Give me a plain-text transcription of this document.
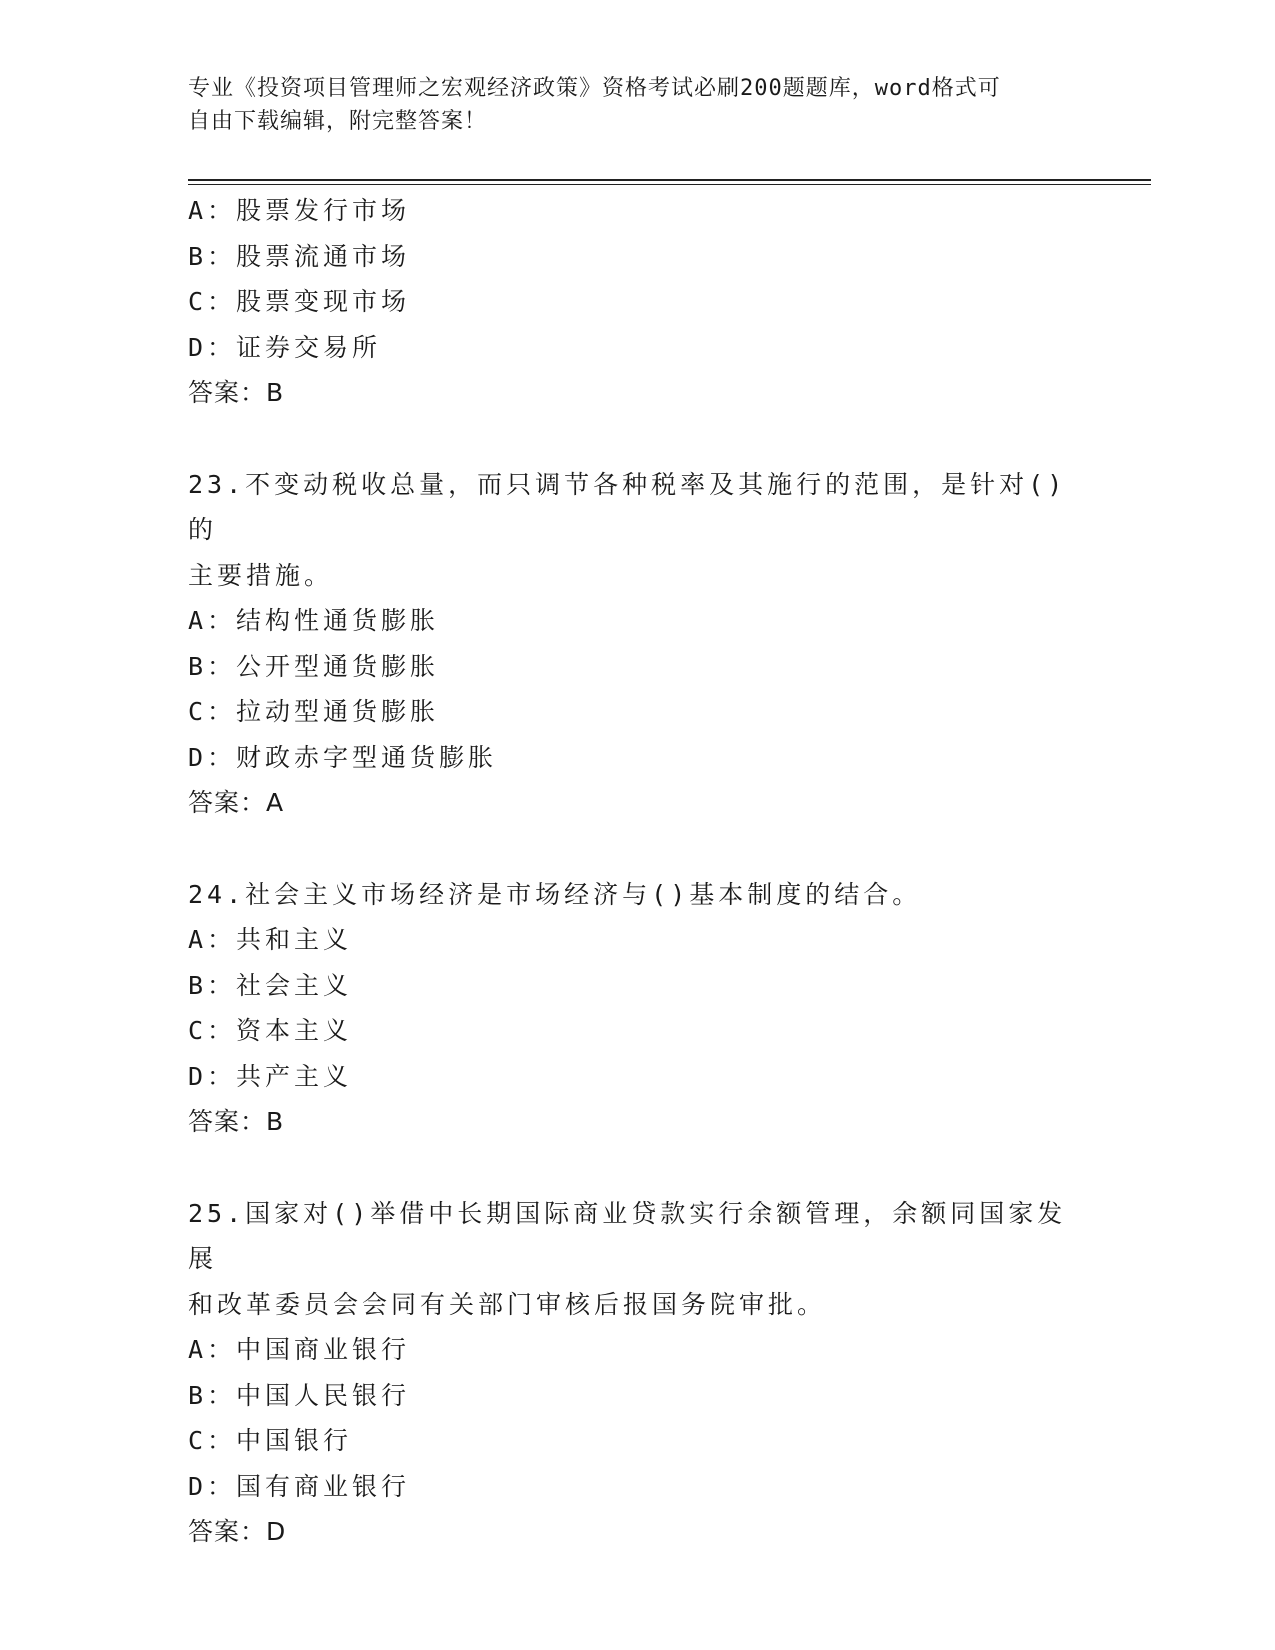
专业《投资项目管理师之宏观经济政策》资格考试必刷200题题库，word格式可
自由下载编辑，附完整答案！
A：股票发行市场
B：股票流通市场
C：股票变现市场
D：证券交易所
答案：B
23.不变动税收总量，而只调节各种税率及其施行的范围，是针对()的
主要措施。
A：结构性通货膨胀
B：公开型通货膨胀
C：拉动型通货膨胀
D：财政赤字型通货膨胀
答案：A
24.社会主义市场经济是市场经济与()基本制度的结合。
A：共和主义
B：社会主义
C：资本主义
D：共产主义
答案：B
25.国家对()举借中长期国际商业贷款实行余额管理，余额同国家发展
和改革委员会会同有关部门审核后报国务院审批。
A：中国商业银行
B：中国人民银行
C：中国银行
D：国有商业银行
答案：D
